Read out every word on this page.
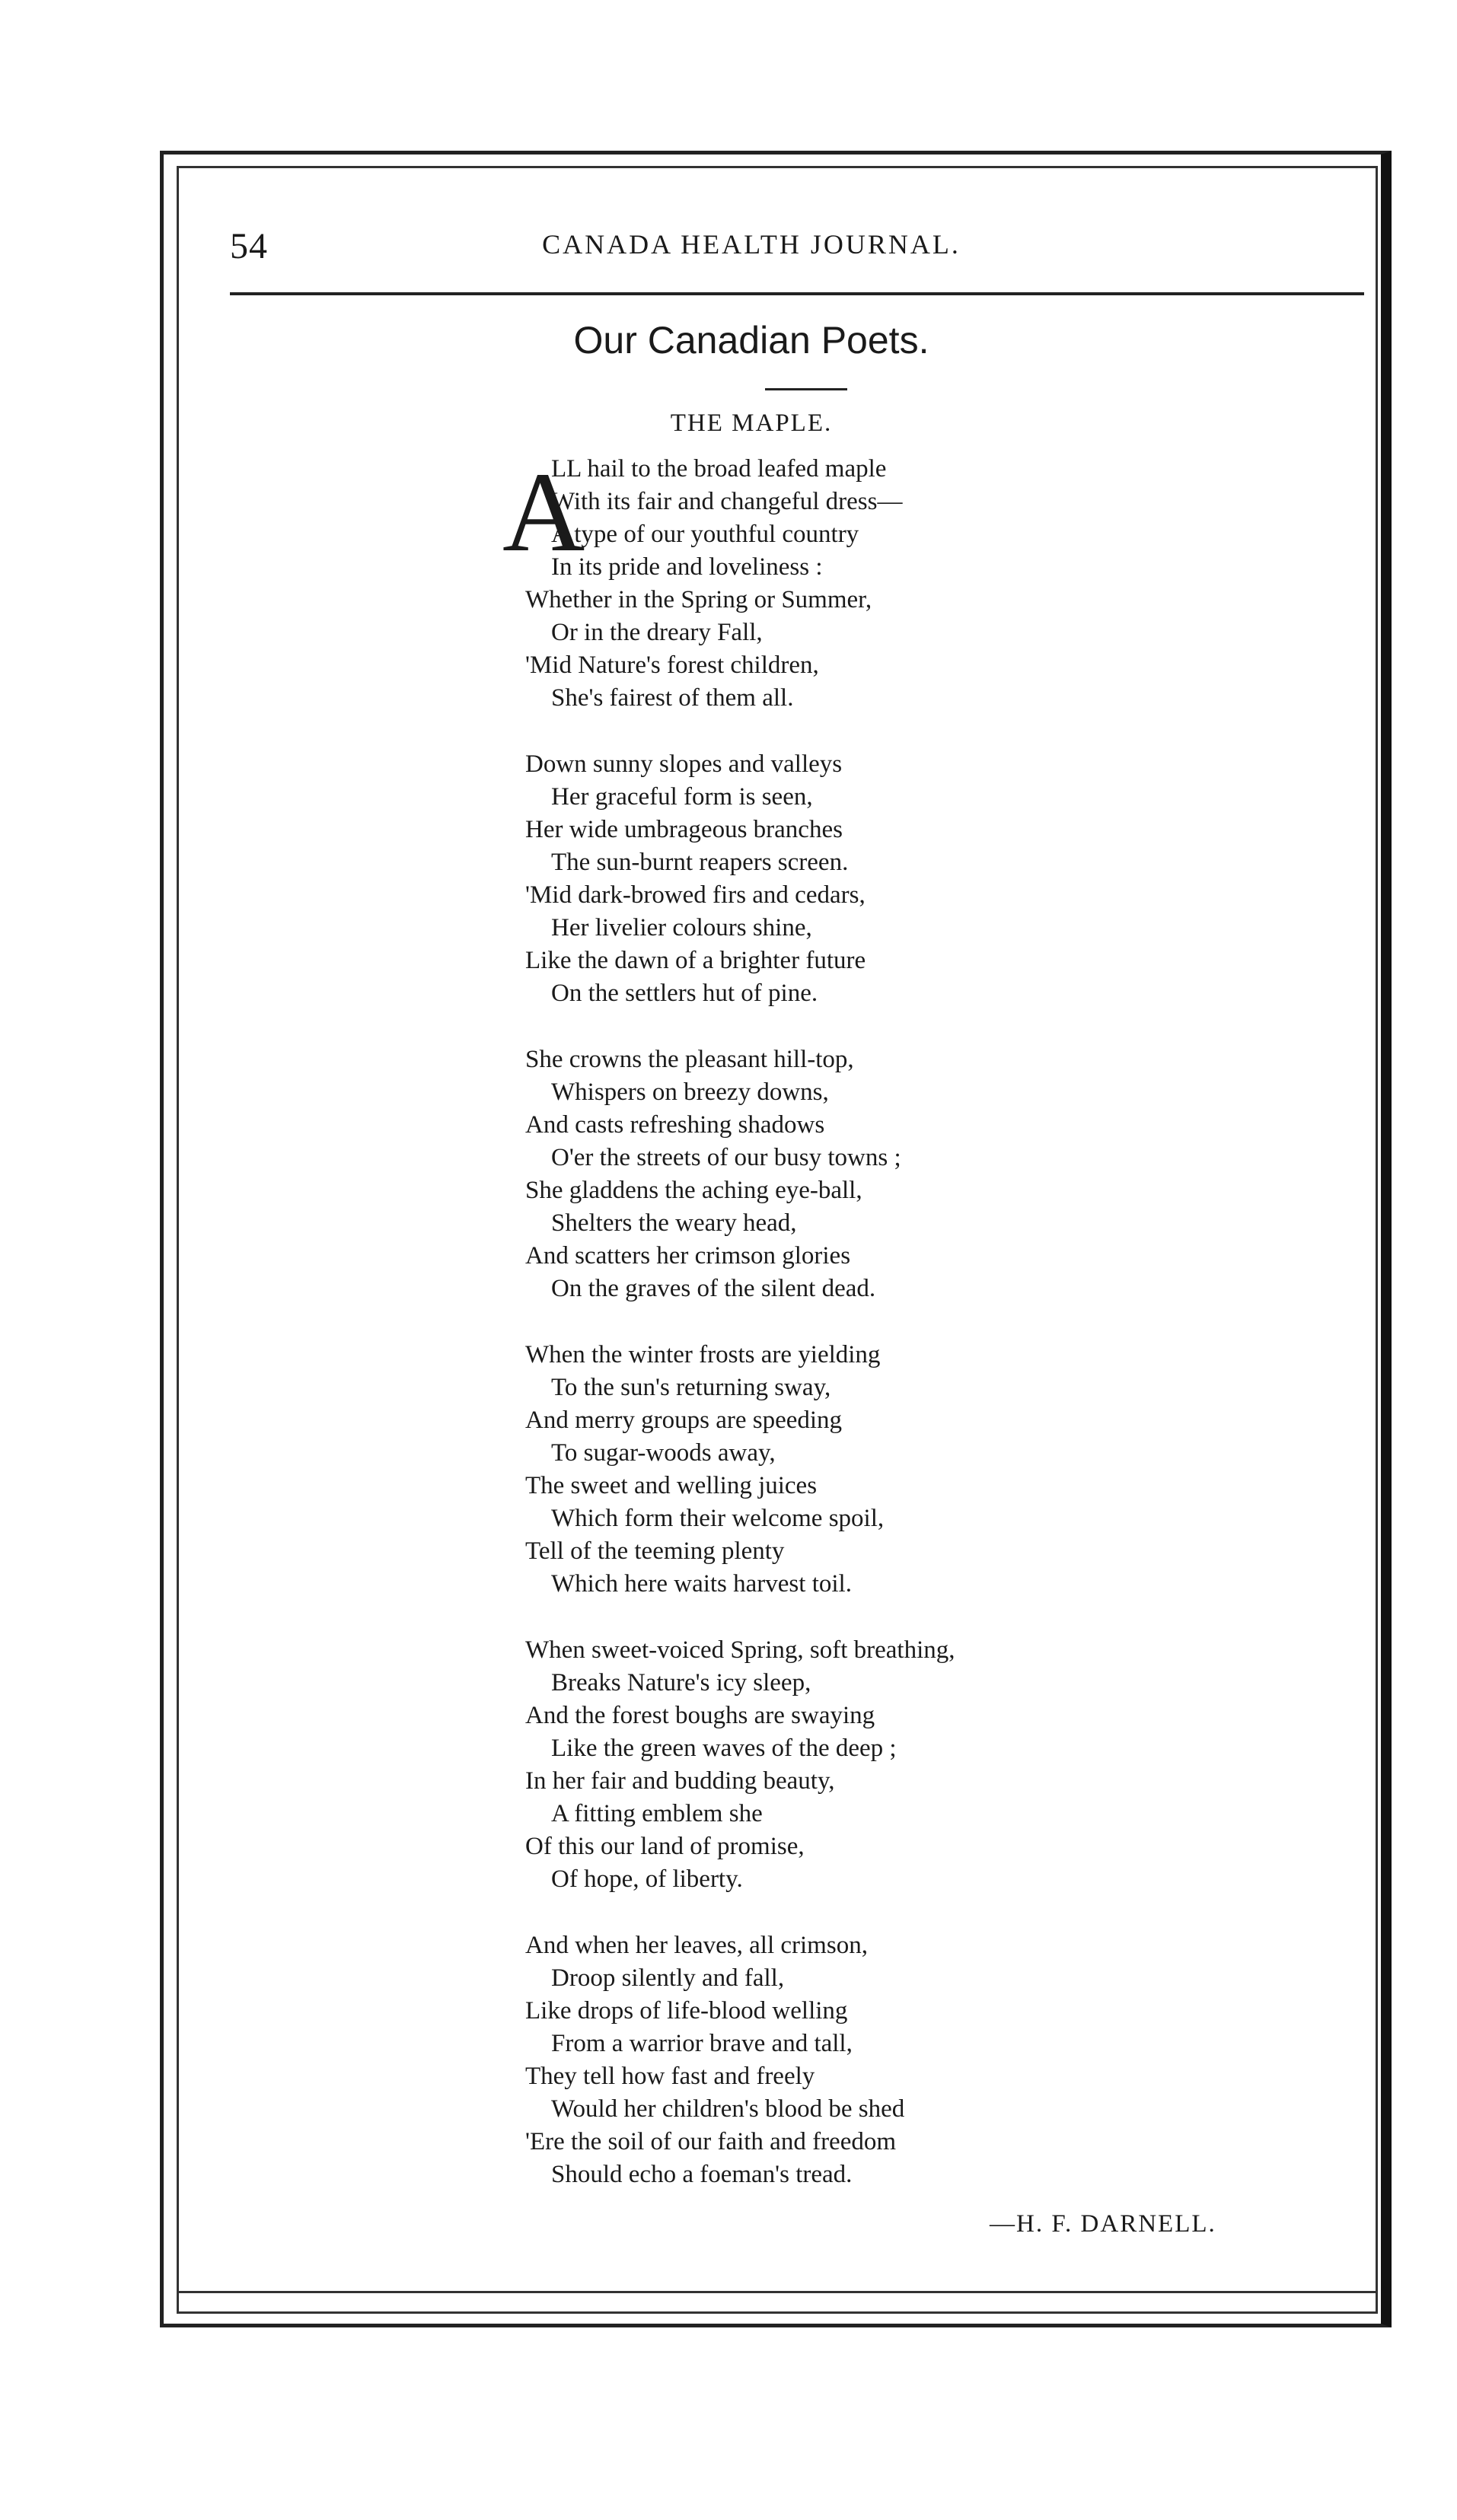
54	CANADA HEALTH JOURNAL.
Our Canadian Poets.
THE MAPLE.
A
LL hail to the broad leafed maple
With its fair and changeful dress—
A type of our youthful country
In its pride and loveliness :
Whether in the Spring or Summer,
Or in the dreary Fall,
'Mid Nature's forest children,
She's fairest of them all.
Down sunny slopes and valleys
Her graceful form is seen,
Her wide umbrageous branches
The sun-burnt reapers screen.
'Mid dark-browed firs and cedars,
Her livelier colours shine,
Like the dawn of a brighter future
On the settlers hut of pine.
She crowns the pleasant hill-top,
Whispers on breezy downs,
And casts refreshing shadows
O'er the streets of our busy towns ;
She gladdens the aching eye-ball,
Shelters the weary head,
And scatters her crimson glories
On the graves of the silent dead.
When the winter frosts are yielding
To the sun's returning sway,
And merry groups are speeding
To sugar-woods away,
The sweet and welling juices
Which form their welcome spoil,
Tell of the teeming plenty
Which here waits harvest toil.
When sweet-voiced Spring, soft breathing,
Breaks Nature's icy sleep,
And the forest boughs are swaying
Like the green waves of the deep ;
In her fair and budding beauty,
A fitting emblem she
Of this our land of promise,
Of hope, of liberty.
And when her leaves, all crimson,
Droop silently and fall,
Like drops of life-blood welling
From a warrior brave and tall,
They tell how fast and freely
Would her children's blood be shed
'Ere the soil of our faith and freedom
Should echo a foeman's tread.
—H. F. DARNELL.
